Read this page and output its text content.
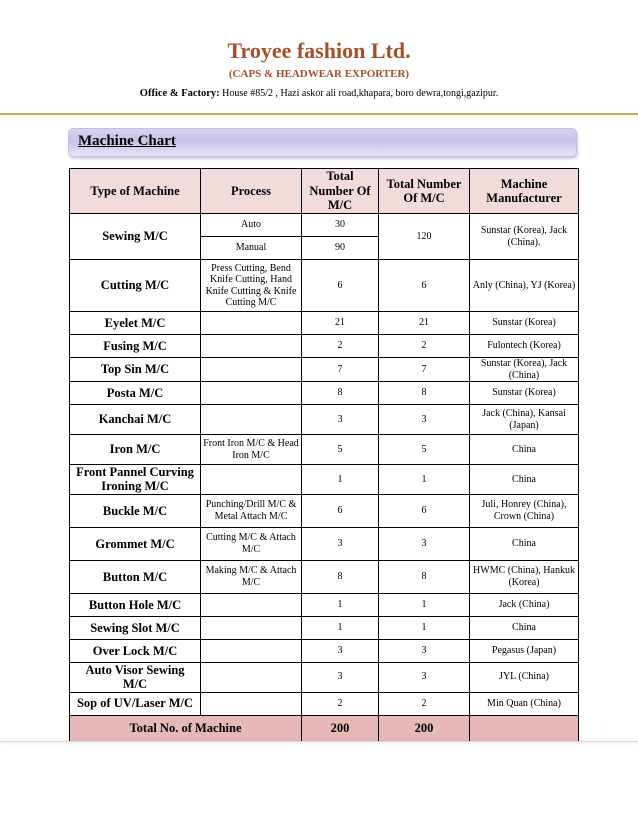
Troyee fashion Ltd.
(CAPS & HEADWEAR EXPORTER)
Office & Factory: House #85/2 , Hazi askor ali road,khapara, boro dewra,tongi,gazipur.
Machine Chart
Type of Machine	Process	Total Number Of M/C	Total Number Of M/C	Machine Manufacturer
Sewing M/C	Auto	30	120	Sunstar (Korea), Jack (China).
	Manual	90		
Cutting M/C	Press Cutting, Bend Knife Cutting, Hand Knife Cutting & Knife Cutting M/C	6	6	Anly (China), YJ (Korea)
Eyelet M/C		21	21	Sunstar (Korea)
Fusing M/C		2	2	Fulontech (Korea)
Top Sin M/C		7	7	Sunstar (Korea), Jack (China)
Posta M/C		8	8	Sunstar (Korea)
Kanchai M/C		3	3	Jack (China), Kansai (Japan)
Iron M/C	Front Iron M/C & Head Iron M/C	5	5	China
Front Pannel Curving Ironing M/C		1	1	China
Buckle M/C	Punching/Drill M/C & Metal Attach M/C	6	6	Juli, Honrey (China), Crown (China)
Grommet M/C	Cutting M/C & Attach M/C	3	3	China
Button M/C	Making M/C & Attach M/C	8	8	HWMC (China), Hankuk (Korea)
Button Hole M/C		1	1	Jack (China)
Sewing Slot M/C		1	1	China
Over Lock M/C		3	3	Pegasus (Japan)
Auto Visor Sewing M/C		3	3	JYL (China)
Sop of UV/Laser M/C		2	2	Min Quan (China)
Total No. of Machine		200	200	
